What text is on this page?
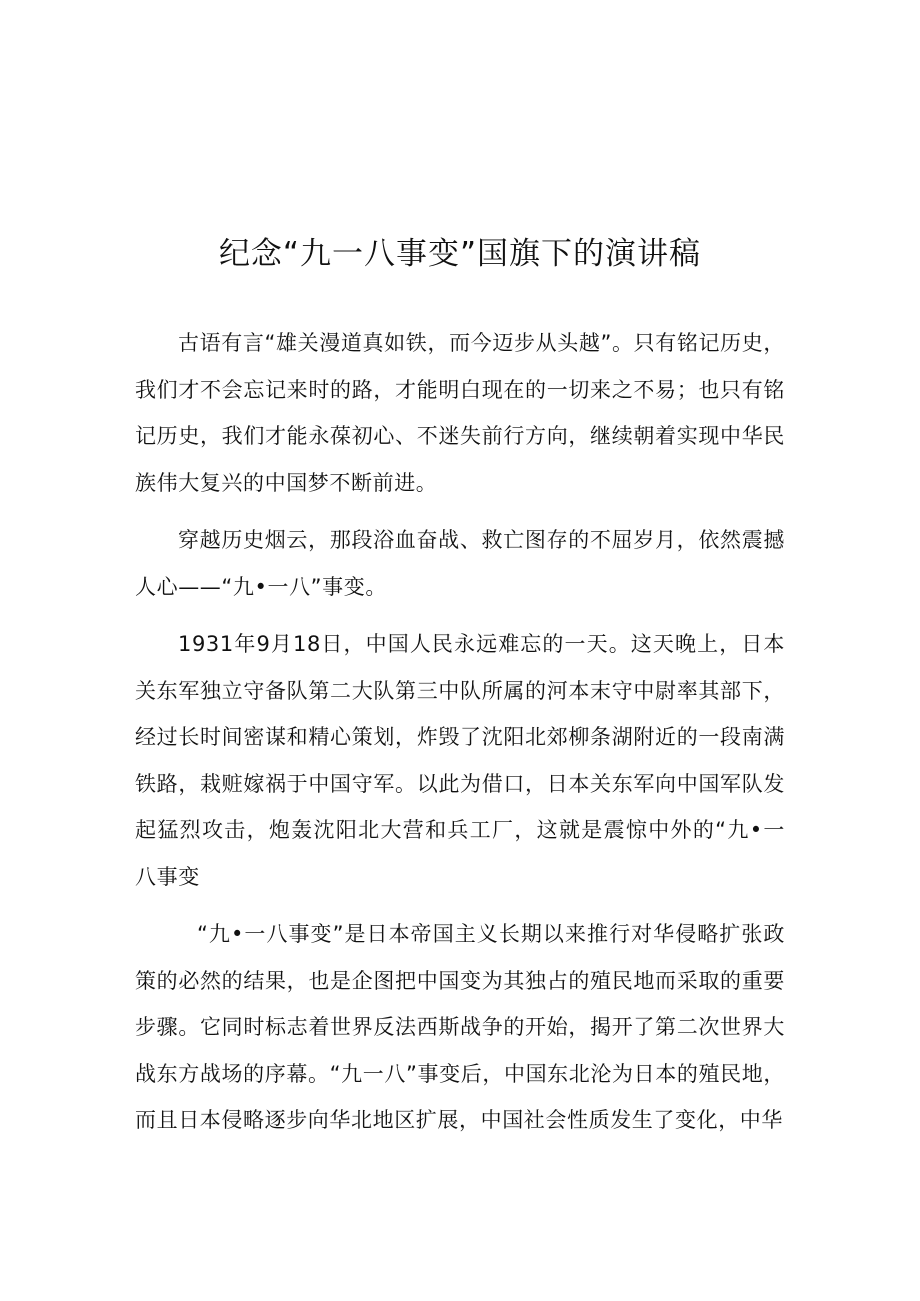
纪念“九一八事变”国旗下的演讲稿

古语有言“雄关漫道真如铁，而今迈步从头越”。只有铭记历史，我们才不会忘记来时的路，才能明白现在的一切来之不易；也只有铭记历史，我们才能永葆初心、不迷失前行方向，继续朝着实现中华民族伟大复兴的中国梦不断前进。

穿越历史烟云，那段浴血奋战、救亡图存的不屈岁月，依然震撼人心——“九•一八”事变。

1931年9月18日，中国人民永远难忘的一天。这天晚上，日本关东军独立守备队第二大队第三中队所属的河本末守中尉率其部下，经过长时间密谋和精心策划，炸毁了沈阳北郊柳条湖附近的一段南满铁路，栽赃嫁祸于中国守军。以此为借口，日本关东军向中国军队发起猛烈攻击，炮轰沈阳北大营和兵工厂，这就是震惊中外的“九•一八事变

“九•一八事变”是日本帝国主义长期以来推行对华侵略扩张政策的必然的结果，也是企图把中国变为其独占的殖民地而采取的重要步骤。它同时标志着世界反法西斯战争的开始，揭开了第二次世界大战东方战场的序幕。“九一八”事变后，中国东北沦为日本的殖民地，而且日本侵略逐步向华北地区扩展，中国社会性质发生了变化，中华
